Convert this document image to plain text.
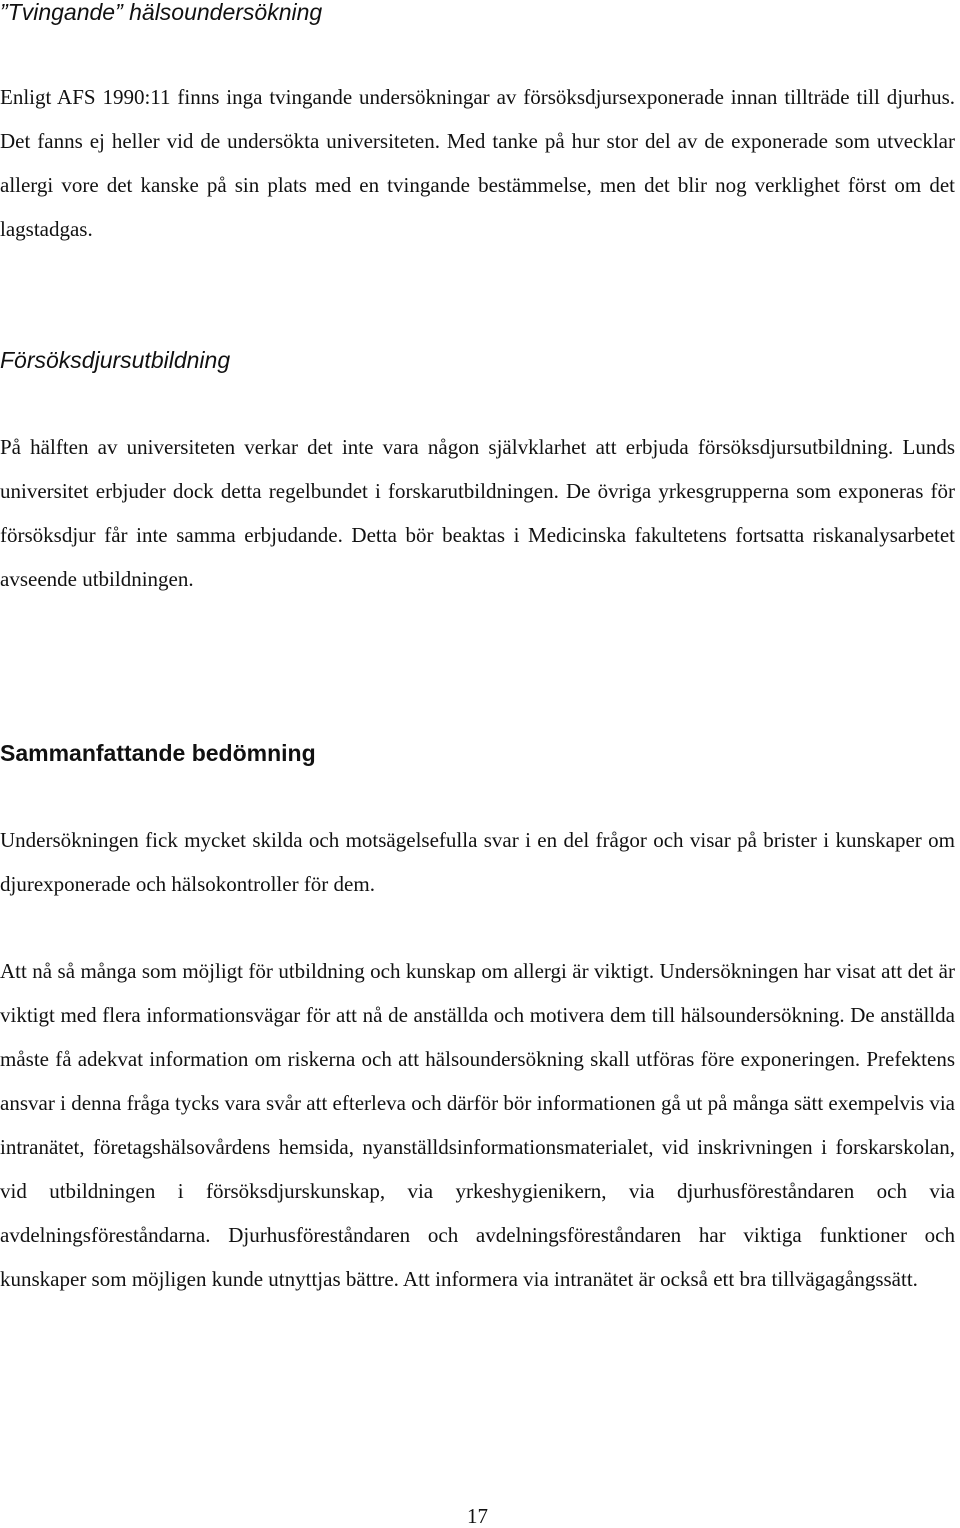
”Tvingande” hälsoundersökning

Enligt AFS 1990:11 finns inga tvingande undersökningar av försöksdjursexponerade innan tillträde till djurhus. Det fanns ej heller vid de undersökta universiteten. Med tanke på hur stor del av de exponerade som utvecklar allergi vore det kanske på sin plats med en tvingande bestämmelse, men det blir nog verklighet först om det lagstadgas.

Försöksdjursutbildning

På hälften av universiteten verkar det inte vara någon självklarhet att erbjuda försöksdjursutbildning. Lunds universitet erbjuder dock detta regelbundet i forskarutbildningen. De övriga yrkesgrupperna som exponeras för försöksdjur får inte samma erbjudande. Detta bör beaktas i Medicinska fakultetens fortsatta riskanalysarbetet avseende utbildningen.

Sammanfattande bedömning

Undersökningen fick mycket skilda och motsägelsefulla svar i en del frågor och visar på brister i kunskaper om djurexponerade och hälsokontroller för dem.

Att nå så många som möjligt för utbildning och kunskap om allergi är viktigt. Undersökningen har visat att det är viktigt med flera informationsvägar för att nå de anställda och motivera dem till hälsoundersökning. De anställda måste få adekvat information om riskerna och att hälsoundersökning skall utföras före exponeringen. Prefektens ansvar i denna fråga tycks vara svår att efterleva och därför bör informationen gå ut på många sätt exempelvis via intranätet, företagshälsovårdens hemsida, nyanställdsinformationsmaterialet, vid inskrivningen i forskarskolan, vid utbildningen i försöksdjurskunskap, via yrkeshygienikern, via djurhusföreståndaren och via avdelningsföreståndarna. Djurhusföreståndaren och avdelningsföreståndaren har viktiga funktioner och kunskaper som möjligen kunde utnyttjas bättre. Att informera via intranätet är också ett bra tillvägagångssätt.

17
